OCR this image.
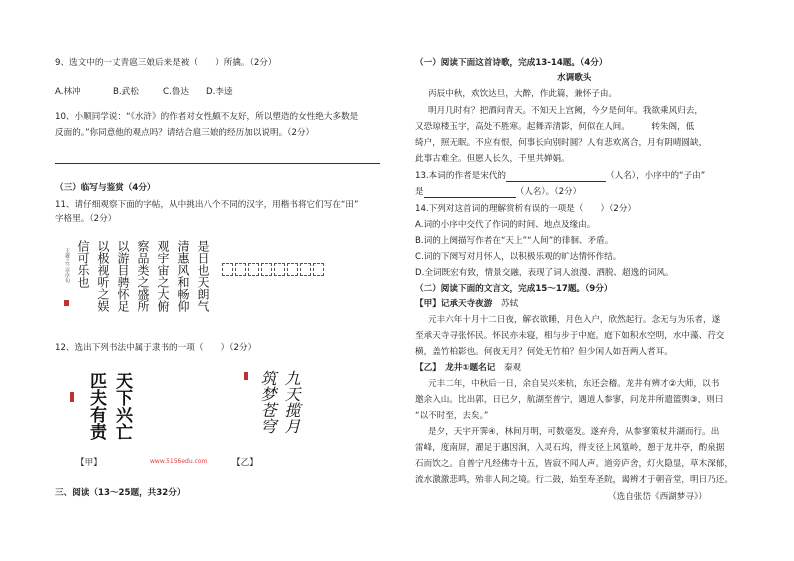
9、选文中的一丈青扈三娘后来是被（　　）所擒。（2分）
A.林冲	B.武松	C.鲁达 D.李逵
10、小顺同学说：“《水浒》的作者对女性颇不友好，所以塑造的女性绝大多数是
反面的。”你同意他的观点吗？请结合扈三娘的经历加以说明。（2分）
（三）临写与鉴赏（4分）
11、请仔细观察下面的字帖，从中挑出八个不同的汉字，用楷书将它们写在“田”
字格里。（2分）
是日也天朗气
清惠风和畅仰
观宇宙之大俯
察品类之盛所
以游目骋怀足
以极视听之娱
信可乐也
王羲之兰亭序句
12、选出下列书法中属于隶书的一项（　　）（2分）
天下兴亡
匹夫有责
【甲】	www.5156edu.com
九天揽月
筑梦苍穹
【乙】
三、阅读（13～25题，共32分）
（一）阅读下面这首诗歌，完成13-14题。（4分）
水调歌头
丙辰中秋，欢饮达旦，大醉，作此篇，兼怀子由。
明月几时有？把酒问青天。不知天上宫阙，今夕是何年。我欲乘风归去，
又恐琼楼玉宇，高处不胜寒。起舞弄清影，何似在人间。　　　转朱阁，低
绮户，照无眠。不应有恨，何事长向别时圆？人有悲欢离合，月有阴晴圆缺，
此事古难全。但愿人长久，千里共婵娟。
13.本词的作者是宋代的	（人名），小序中的“子由”
是	（人名）。（2分）
14.下列对这首词的理解赏析有误的一项是（　　）（2分）
A.词的小序中交代了作词的时间、地点及缘由。
B.词的上阕描写作者在“天上”“人间”的徘徊、矛盾。
C.词的下阕写对月怀人，以积极乐观的旷达情怀作结。
D.全词既宏有致，情景交融，表现了词人浪漫、洒脱、超逸的词风。
（二）阅读下面的文言文，完成15～17题。（9分）
【甲】记承天寺夜游　 苏轼
元丰六年十月十二日夜，解衣欲睡，月色入户，欣然起行。念无与为乐者，遂
至承天寺寻张怀民。怀民亦未寝，相与步于中庭。庭下如积水空明，水中藻、荇交
横，盖竹柏影也。何夜无月？何处无竹柏？但少闲人如吾两人者耳。
【乙】　 龙井①题名记　 秦观
元丰二年，中秋后一日，余自吴兴来杭，东还会稽。龙井有辨才②大师，以书
邀余入山。比出郭，日已夕，航湖至普宁，遇道人参寥，问龙井所遣篮舆③，则曰
“以不时至，去矣。”
是夕，天宇开霁④，林间月明，可数毫发。遂弃舟，从参寥策杖并湖而行。出
雷峰，度南屏，濯足于惠因涧，入灵石坞，得支径上风篁岭，憩于龙井亭，酌泉据
石而饮之。自普宁凡经佛寺十五，皆寂不闻人声。道旁庐舍，灯火隐显，草木深郁，
流水激激悲鸣，殆非人间之境。行二鼓，始至寿圣院，谒辨才于朝音堂，明日乃还。
（选自张岱《西湖梦寻》）
